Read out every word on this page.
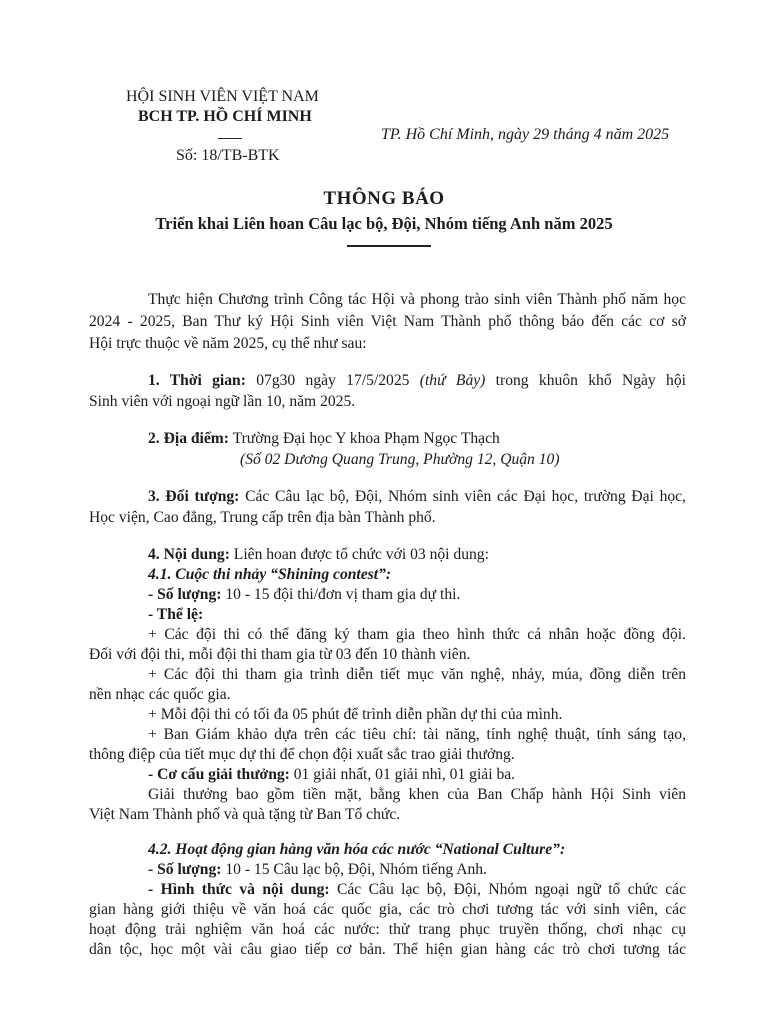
HỘI SINH VIÊN VIỆT NAM
BCH TP. HỒ CHÍ MINH
Số: 18/TB-BTK
TP. Hồ Chí Minh, ngày 29 tháng 4 năm 2025
THÔNG BÁO
Triển khai Liên hoan Câu lạc bộ, Đội, Nhóm tiếng Anh năm 2025
Thực hiện Chương trình Công tác Hội và phong trào sinh viên Thành phố năm học
2024 - 2025, Ban Thư ký Hội Sinh viên Việt Nam Thành phố thông báo đến các cơ sở
Hội trực thuộc về năm 2025, cụ thể như sau:
1. Thời gian: 07g30 ngày 17/5/2025 (thứ Bảy) trong khuôn khổ Ngày hội
Sinh viên với ngoại ngữ lần 10, năm 2025.
2. Địa điểm: Trường Đại học Y khoa Phạm Ngọc Thạch
(Số 02 Dương Quang Trung, Phường 12, Quận 10)
3. Đối tượng: Các Câu lạc bộ, Đội, Nhóm sinh viên các Đại học, trường Đại học,
Học viện, Cao đẳng, Trung cấp trên địa bàn Thành phố.
4. Nội dung: Liên hoan được tổ chức với 03 nội dung:
4.1. Cuộc thi nhảy “Shining contest”:
- Số lượng: 10 - 15 đội thi/đơn vị tham gia dự thi.
- Thể lệ:
+ Các đội thi có thể đăng ký tham gia theo hình thức cá nhân hoặc đồng đội.
Đối với đội thi, mỗi đội thi tham gia từ 03 đến 10 thành viên.
+ Các đội thi tham gia trình diễn tiết mục văn nghệ, nhảy, múa, đồng diễn trên
nền nhạc các quốc gia.
+ Mỗi đội thi có tối đa 05 phút để trình diễn phần dự thi của mình.
+ Ban Giám khảo dựa trên các tiêu chí: tài năng, tính nghệ thuật, tính sáng tạo,
thông điệp của tiết mục dự thi để chọn đội xuất sắc trao giải thưởng.
- Cơ cấu giải thưởng: 01 giải nhất, 01 giải nhì, 01 giải ba.
Giải thưởng bao gồm tiền mặt, bằng khen của Ban Chấp hành Hội Sinh viên
Việt Nam Thành phố và quà tặng từ Ban Tổ chức.
4.2. Hoạt động gian hàng văn hóa các nước “National Culture”:
- Số lượng: 10 - 15 Câu lạc bộ, Đội, Nhóm tiếng Anh.
- Hình thức và nội dung: Các Câu lạc bộ, Đội, Nhóm ngoại ngữ tổ chức các
gian hàng giới thiệu về văn hoá các quốc gia, các trò chơi tương tác với sinh viên, các
hoạt động trải nghiệm văn hoá các nước: thử trang phục truyền thống, chơi nhạc cụ
dân tộc, học một vài câu giao tiếp cơ bản. Thể hiện gian hàng các trò chơi tương tác
